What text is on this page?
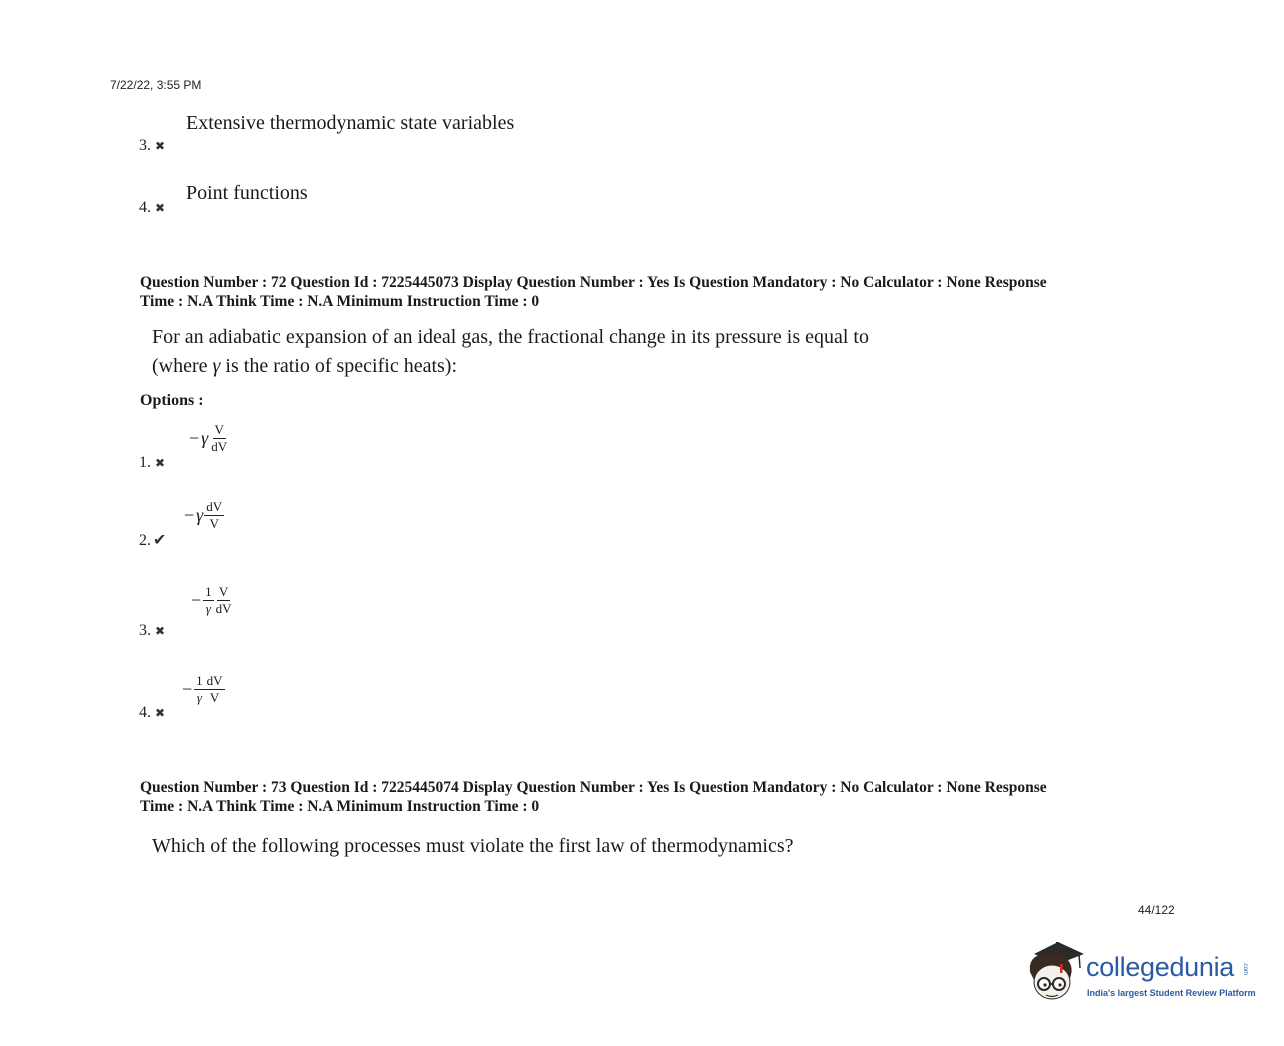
7/22/22, 3:55 PM
Extensive thermodynamic state variables
3. ✖
Point functions
4. ✖
Question Number : 72 Question Id : 7225445073 Display Question Number : Yes Is Question Mandatory : No Calculator : None Response
Time : N.A Think Time : N.A Minimum Instruction Time : 0
For an adiabatic expansion of an ideal gas, the fractional change in its pressure is equal to
(where γ is the ratio of specific heats):
Options :
− γ $\frac{V}{dV}$
1. ✖
− γ $\frac{dV}{V}$
2. ✔
− $\frac{1}{\gamma} \frac{V}{dV}$
3. ✖
− $\frac{1}{\gamma} \frac{dV}{V}$
4. ✖
Question Number : 73 Question Id : 7225445074 Display Question Number : Yes Is Question Mandatory : No Calculator : None Response
Time : N.A Think Time : N.A Minimum Instruction Time : 0
Which of the following processes must violate the first law of thermodynamics?
44/122
collegedunia .com
India's largest Student Review Platform
